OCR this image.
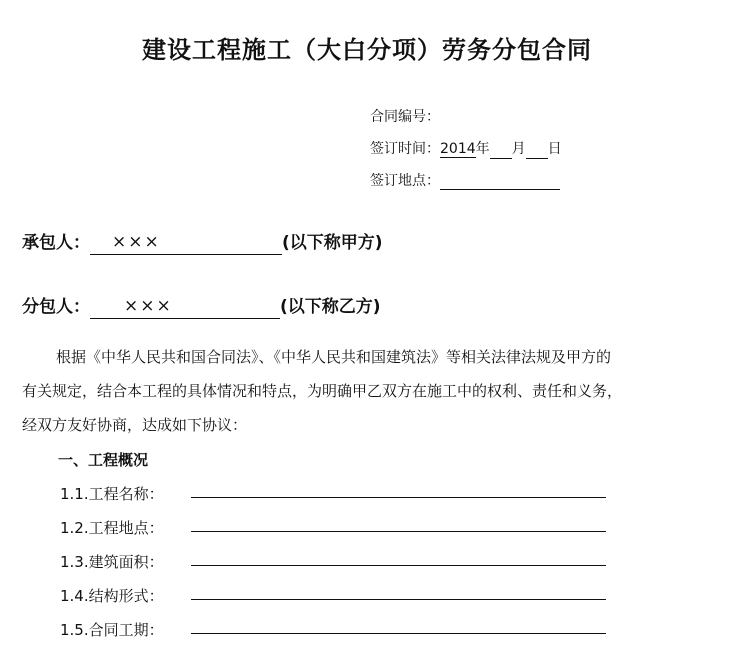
建设工程施工（大白分项）劳务分包合同
合同编号：
签订时间：2014年 月 日
签订地点：
承包人： ×××	(以下称甲方)
分包人： ×××	(以下称乙方)
根据《中华人民共和国合同法》、《中华人民共和国建筑法》等相关法律法规及甲方的
有关规定，结合本工程的具体情况和特点，为明确甲乙双方在施工中的权利、责任和义务，
经双方友好协商，达成如下协议：
一、工程概况
1.1.工程名称：
1.2.工程地点：
1.3.建筑面积：
1.4.结构形式：
1.5.合同工期：
